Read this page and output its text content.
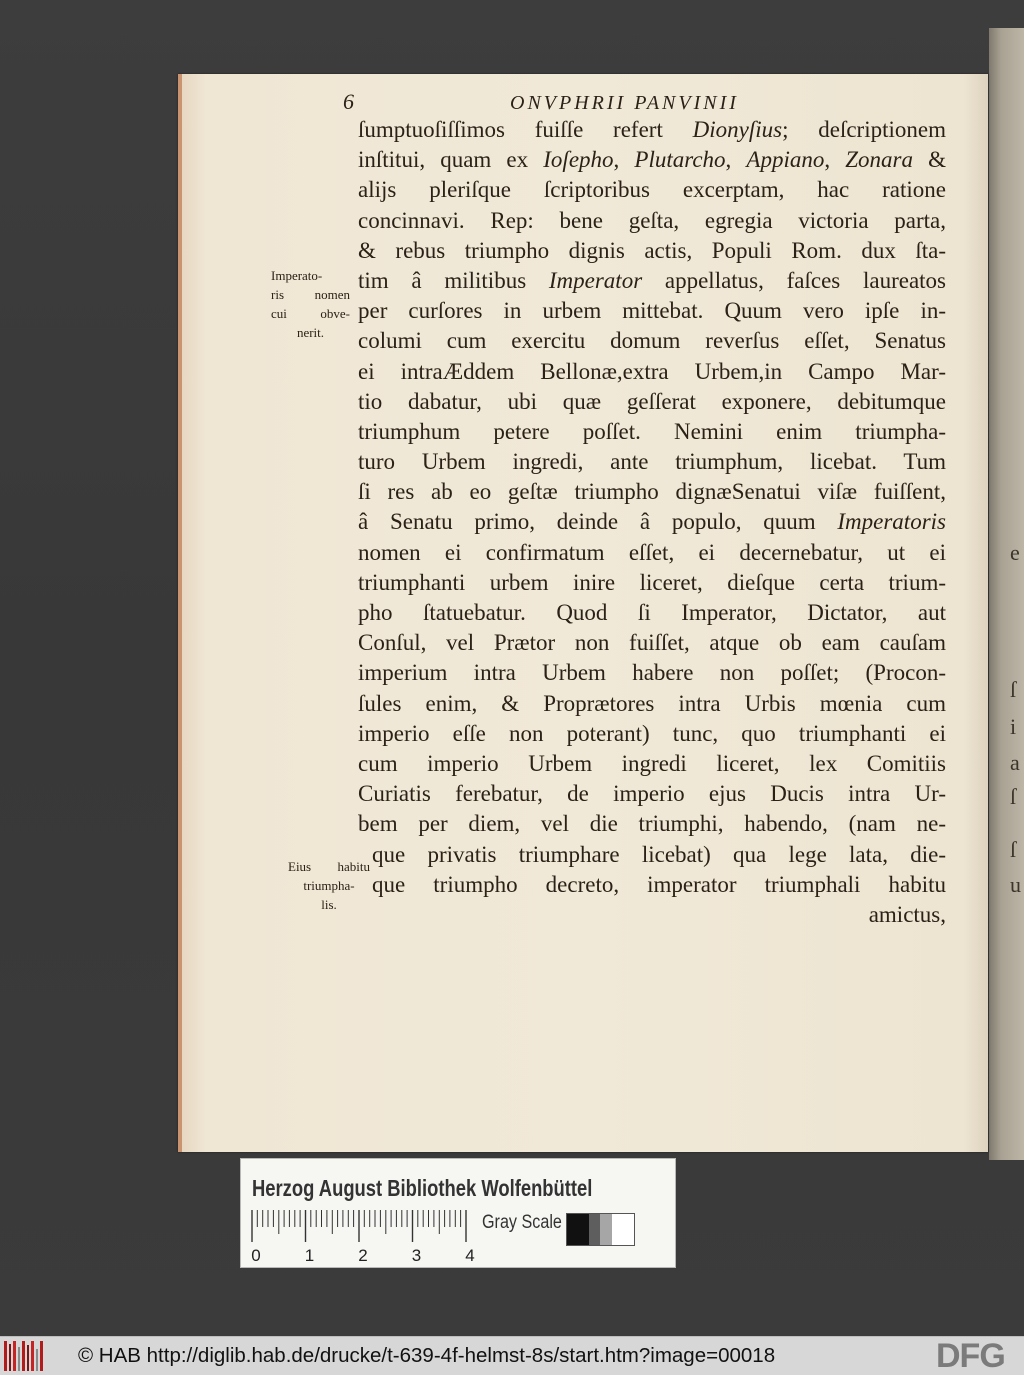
e
ſ
i
a
ſ
ſ
u
6	ONVPHRII PANVINII
ſumptuoſiſſimos fuiſſe refert Dionyſius; deſcriptionem
inſtitui, quam ex Ioſepho, Plutarcho, Appiano, Zonara &
alijs pleriſque ſcriptoribus excerptam, hac ratione
concinnavi. Rep: bene geſta, egregia victoria parta,
& rebus triumpho dignis actis, Populi Rom. dux ſta-
tim â militibus Imperator appellatus, faſces laureatos
per curſores in urbem mittebat. Quum vero ipſe in-
columi cum exercitu domum reverſus eſſet, Senatus
ei intraÆddem Bellonæ,extra Urbem,in Campo Mar-
tio dabatur, ubi quæ geſſerat exponere, debitumque
triumphum petere poſſet. Nemini enim triumpha-
turo Urbem ingredi, ante triumphum, licebat. Tum
ſi res ab eo geſtæ triumpho dignæSenatui viſæ fuiſſent,
â Senatu primo, deinde â populo, quum Imperatoris
nomen ei confirmatum eſſet, ei decernebatur, ut ei
triumphanti urbem inire liceret, dieſque certa trium-
pho ſtatuebatur. Quod ſi Imperator, Dictator, aut
Conſul, vel Prætor non fuiſſet, atque ob eam cauſam
imperium intra Urbem habere non poſſet; (Procon-
ſules enim, & Proprætores intra Urbis mœnia cum
imperio eſſe non poterant) tunc, quo triumphanti ei
cum imperio Urbem ingredi liceret, lex Comitiis
Curiatis ferebatur, de imperio ejus Ducis intra Ur-
bem per diem, vel die triumphi, habendo, (nam ne-
que privatis triumphare licebat) qua lege lata, die-
que triumpho decreto, imperator triumphali habitu
amictus,
Imperato-
ris nomen
cui obve-
nerit.
Eius habitu
triumpha-
lis.
Herzog August Bibliothek Wolfenbüttel
0	1	2	3	4
Gray Scale
© HAB http://diglib.hab.de/drucke/t-639-4f-helmst-8s/start.htm?image=00018	DFG
